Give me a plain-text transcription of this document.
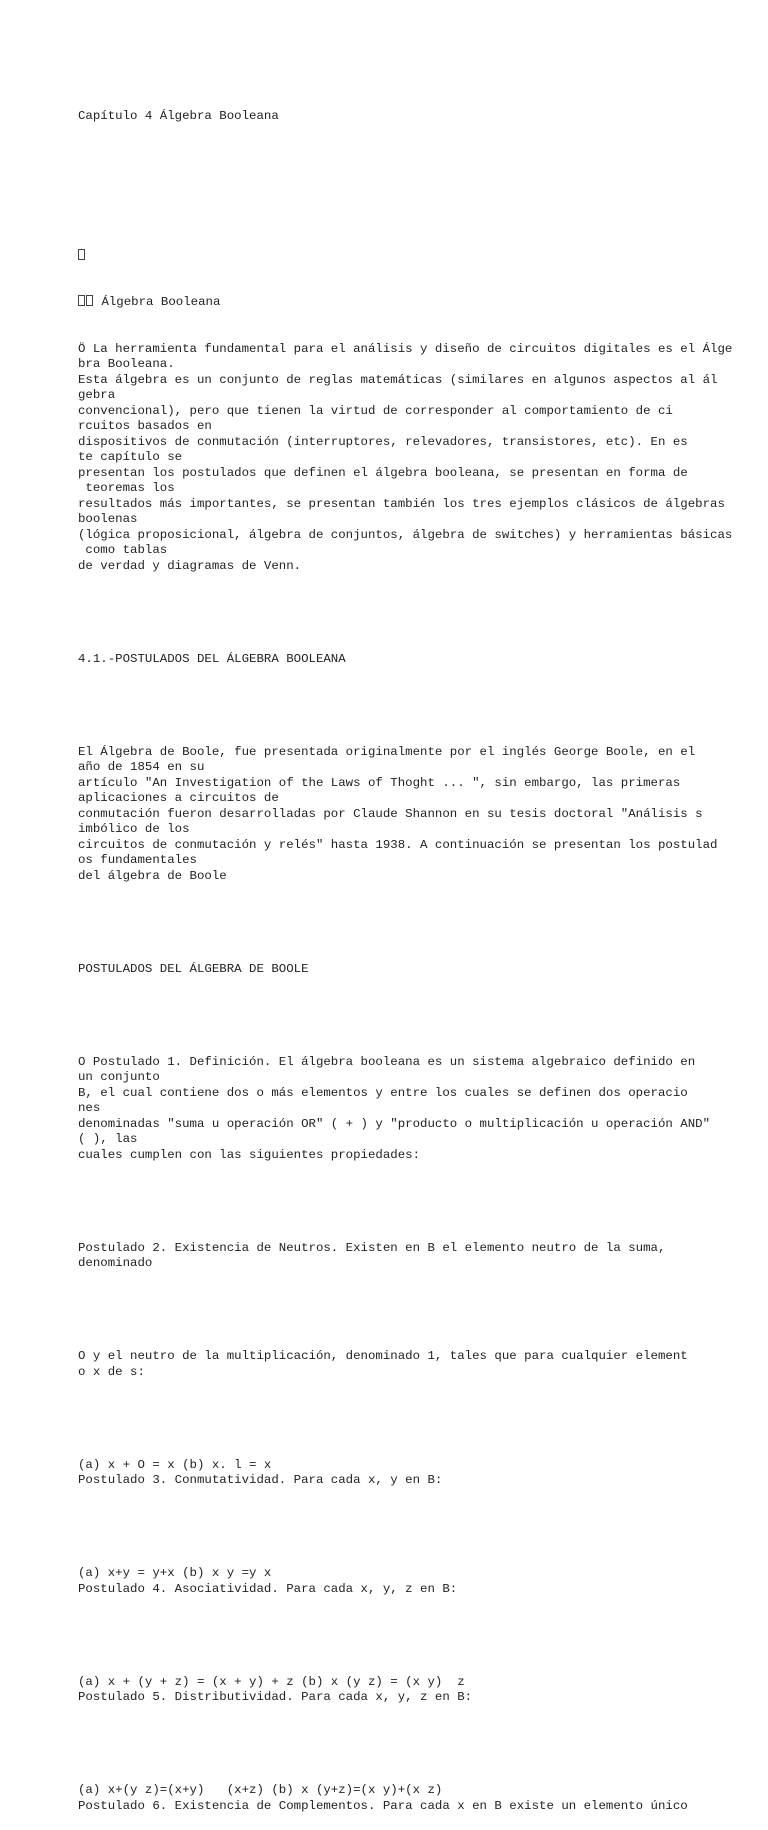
Capítulo 4 Álgebra Booleana

Álgebra Booleana

Ö La herramienta fundamental para el análisis y diseño de circuitos digitales es el Álge
bra Booleana.
Esta álgebra es un conjunto de reglas matemáticas (similares en algunos aspectos al ál
gebra
convencional), pero que tienen la virtud de corresponder al comportamiento de ci
rcuitos basados en
dispositivos de conmutación (interruptores, relevadores, transistores, etc). En es
te capítulo se
presentan los postulados que definen el álgebra booleana, se presentan en forma de
teoremas los
resultados más importantes, se presentan también los tres ejemplos clásicos de álgebras
boolenas
(lógica proposicional, álgebra de conjuntos, álgebra de switches) y herramientas básicas
como tablas
de verdad y diagramas de Venn.

4.1.-POSTULADOS DEL ÁLGEBRA BOOLEANA

El Álgebra de Boole, fue presentada originalmente por el inglés George Boole, en el
año de 1854 en su
artículo "An Investigation of the Laws of Thoght ... ", sin embargo, las primeras
aplicaciones a circuitos de
conmutación fueron desarrolladas por Claude Shannon en su tesis doctoral "Análisis s
imbólico de los
circuitos de conmutación y relés" hasta 1938. A continuación se presentan los postulad
os fundamentales
del álgebra de Boole

POSTULADOS DEL ÁLGEBRA DE BOOLE

O Postulado 1. Definición. El álgebra booleana es un sistema algebraico definido en
un conjunto
B, el cual contiene dos o más elementos y entre los cuales se definen dos operacio
nes
denominadas "suma u operación OR" ( + ) y "producto o multiplicación u operación AND"
( ), las
cuales cumplen con las siguientes propiedades:

Postulado 2. Existencia de Neutros. Existen en B el elemento neutro de la suma,
denominado

O y el neutro de la multiplicación, denominado 1, tales que para cualquier element
o x de s:

(a) x + O = x (b) x. l = x
Postulado 3. Conmutatividad. Para cada x, y en B:

(a) x+y = y+x (b) x y =y x
Postulado 4. Asociatividad. Para cada x, y, z en B:

(a) x + (y + z) = (x + y) + z (b) x (y z) = (x y)  z
Postulado 5. Distributividad. Para cada x, y, z en B:

(a) x+(y z)=(x+y)   (x+z) (b) x (y+z)=(x y)+(x z)
Postulado 6. Existencia de Complementos. Para cada x en B existe un elemento único
